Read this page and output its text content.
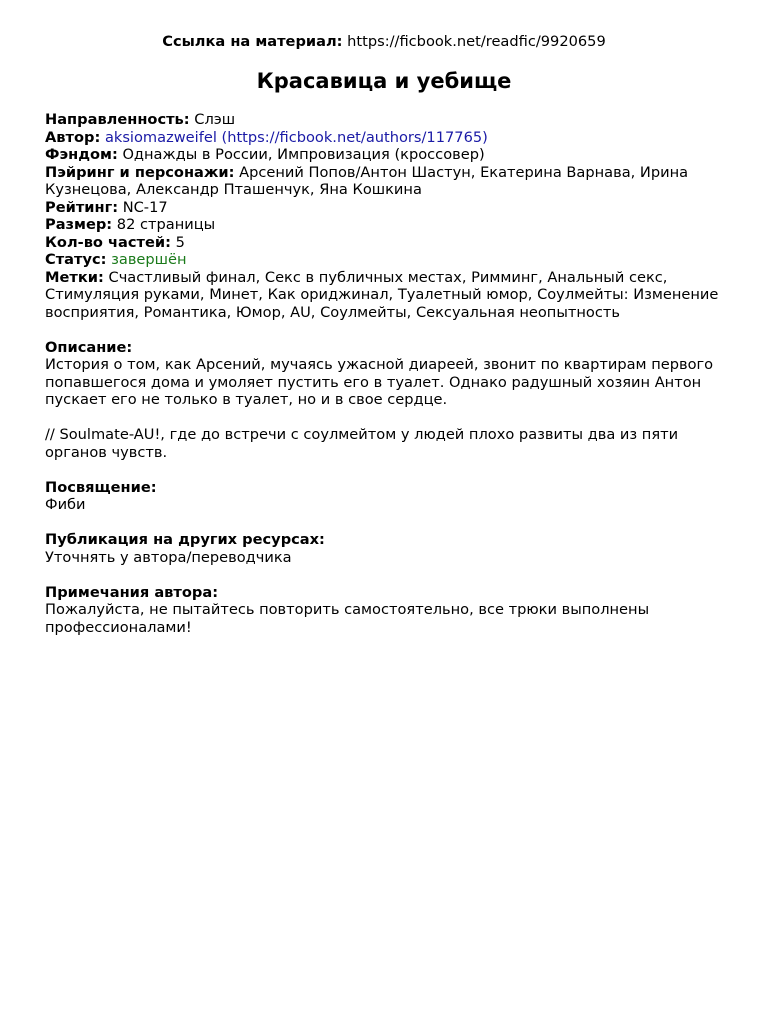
Ссылка на материал: https://ficbook.net/readfic/9920659
Красавица и уебище
Направленность: Слэш
Автор: aksiomazweifel (https://ficbook.net/authors/117765)
Фэндом: Однажды в России, Импровизация (кроссовер)
Пэйринг и персонажи: Арсений Попов/Антон Шастун, Екатерина Варнава, Ирина Кузнецова, Александр Пташенчук, Яна Кошкина
Рейтинг: NC-17
Размер: 82 страницы
Кол-во частей: 5
Статус: завершён
Метки: Счастливый финал, Секс в публичных местах, Римминг, Анальный секс, Стимуляция руками, Минет, Как ориджинал, Туалетный юмор, Соулмейты: Изменение восприятия, Романтика, Юмор, AU, Соулмейты, Сексуальная неопытность
Описание:

История о том, как Арсений, мучаясь ужасной диареей, звонит по квартирам первого попавшегося дома и умоляет пустить его в туалет. Однако радушный хозяин Антон пускает его не только в туалет, но и в свое сердце.

// Soulmate-AU!, где до встречи с соулмейтом у людей плохо развиты два из пяти органов чувств.

Посвящение:
Фиби
Публикация на других ресурсах:
Уточнять у автора/переводчика
Примечания автора:
Пожалуйста, не пытайтесь повторить самостоятельно, все трюки выполнены профессионалами!
